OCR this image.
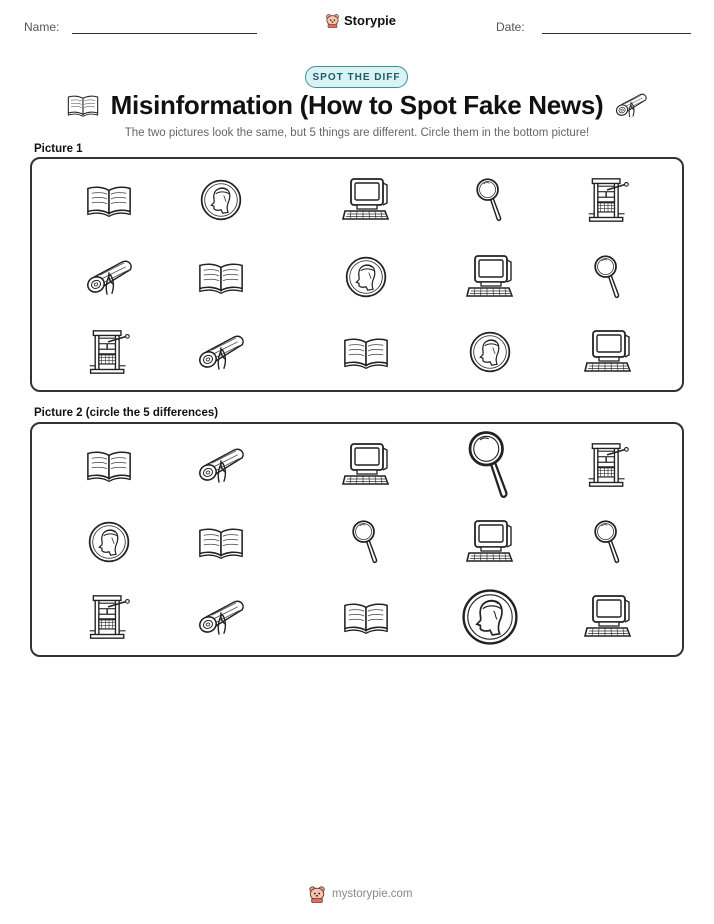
Name:	Storypie	Date:
SPOT THE DIFF
Misinformation (How to Spot Fake News)
The two pictures look the same, but 5 things are different. Circle them in the bottom picture!
Picture 1
Picture 2 (circle the 5 differences)
mystorypie.com
